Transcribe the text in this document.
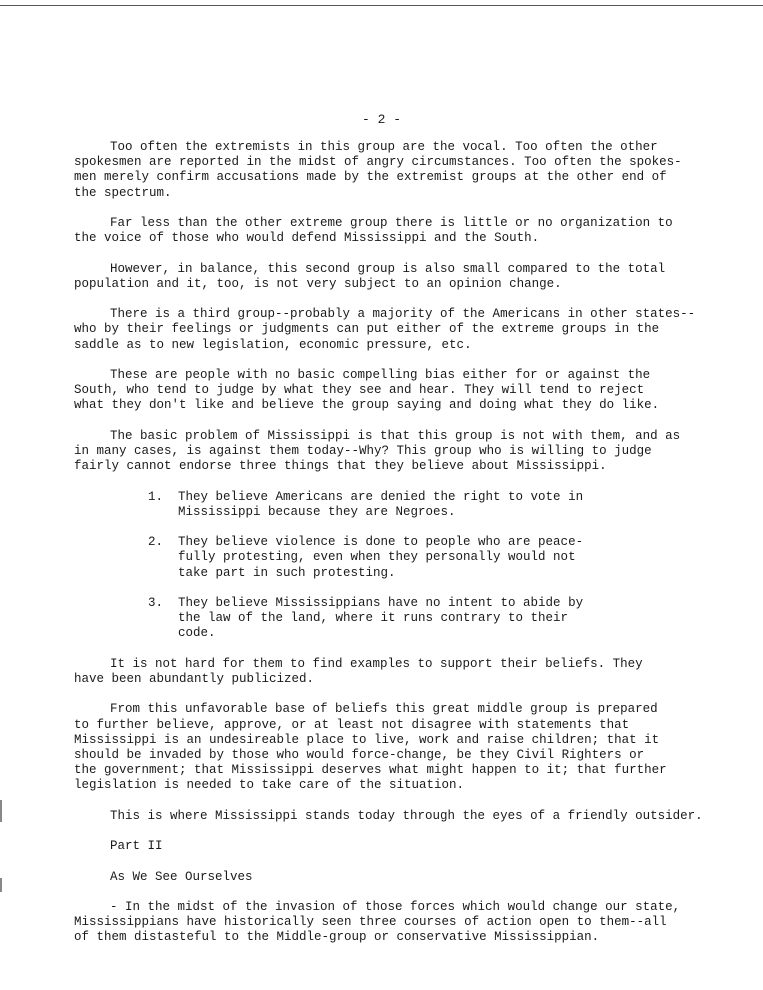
- 2 -

Too often the extremists in this group are the vocal. Too often the other
spokesmen are reported in the midst of angry circumstances. Too often the spokes-
men merely confirm accusations made by the extremist groups at the other end of
the spectrum.

Far less than the other extreme group there is little or no organization to
the voice of those who would defend Mississippi and the South.

However, in balance, this second group is also small compared to the total
population and it, too, is not very subject to an opinion change.

There is a third group--probably a majority of the Americans in other states--
who by their feelings or judgments can put either of the extreme groups in the
saddle as to new legislation, economic pressure, etc.

These are people with no basic compelling bias either for or against the
South, who tend to judge by what they see and hear. They will tend to reject
what they don't like and believe the group saying and doing what they do like.

The basic problem of Mississippi is that this group is not with them, and as
in many cases, is against them today--Why? This group who is willing to judge
fairly cannot endorse three things that they believe about Mississippi.

1.	They believe Americans are denied the right to vote in
Mississippi because they are Negroes.
2.	They believe violence is done to people who are peace-
fully protesting, even when they personally would not
take part in such protesting.
3.	They believe Mississippians have no intent to abide by
the law of the land, where it runs contrary to their
code.

It is not hard for them to find examples to support their beliefs. They
have been abundantly publicized.

From this unfavorable base of beliefs this great middle group is prepared
to further believe, approve, or at least not disagree with statements that
Mississippi is an undesireable place to live, work and raise children; that it
should be invaded by those who would force-change, be they Civil Righters or
the government; that Mississippi deserves what might happen to it; that further
legislation is needed to take care of the situation.

This is where Mississippi stands today through the eyes of a friendly outsider.

Part II
As We See Ourselves

- In the midst of the invasion of those forces which would change our state,
Mississippians have historically seen three courses of action open to them--all
of them distasteful to the Middle-group or conservative Mississippian.
